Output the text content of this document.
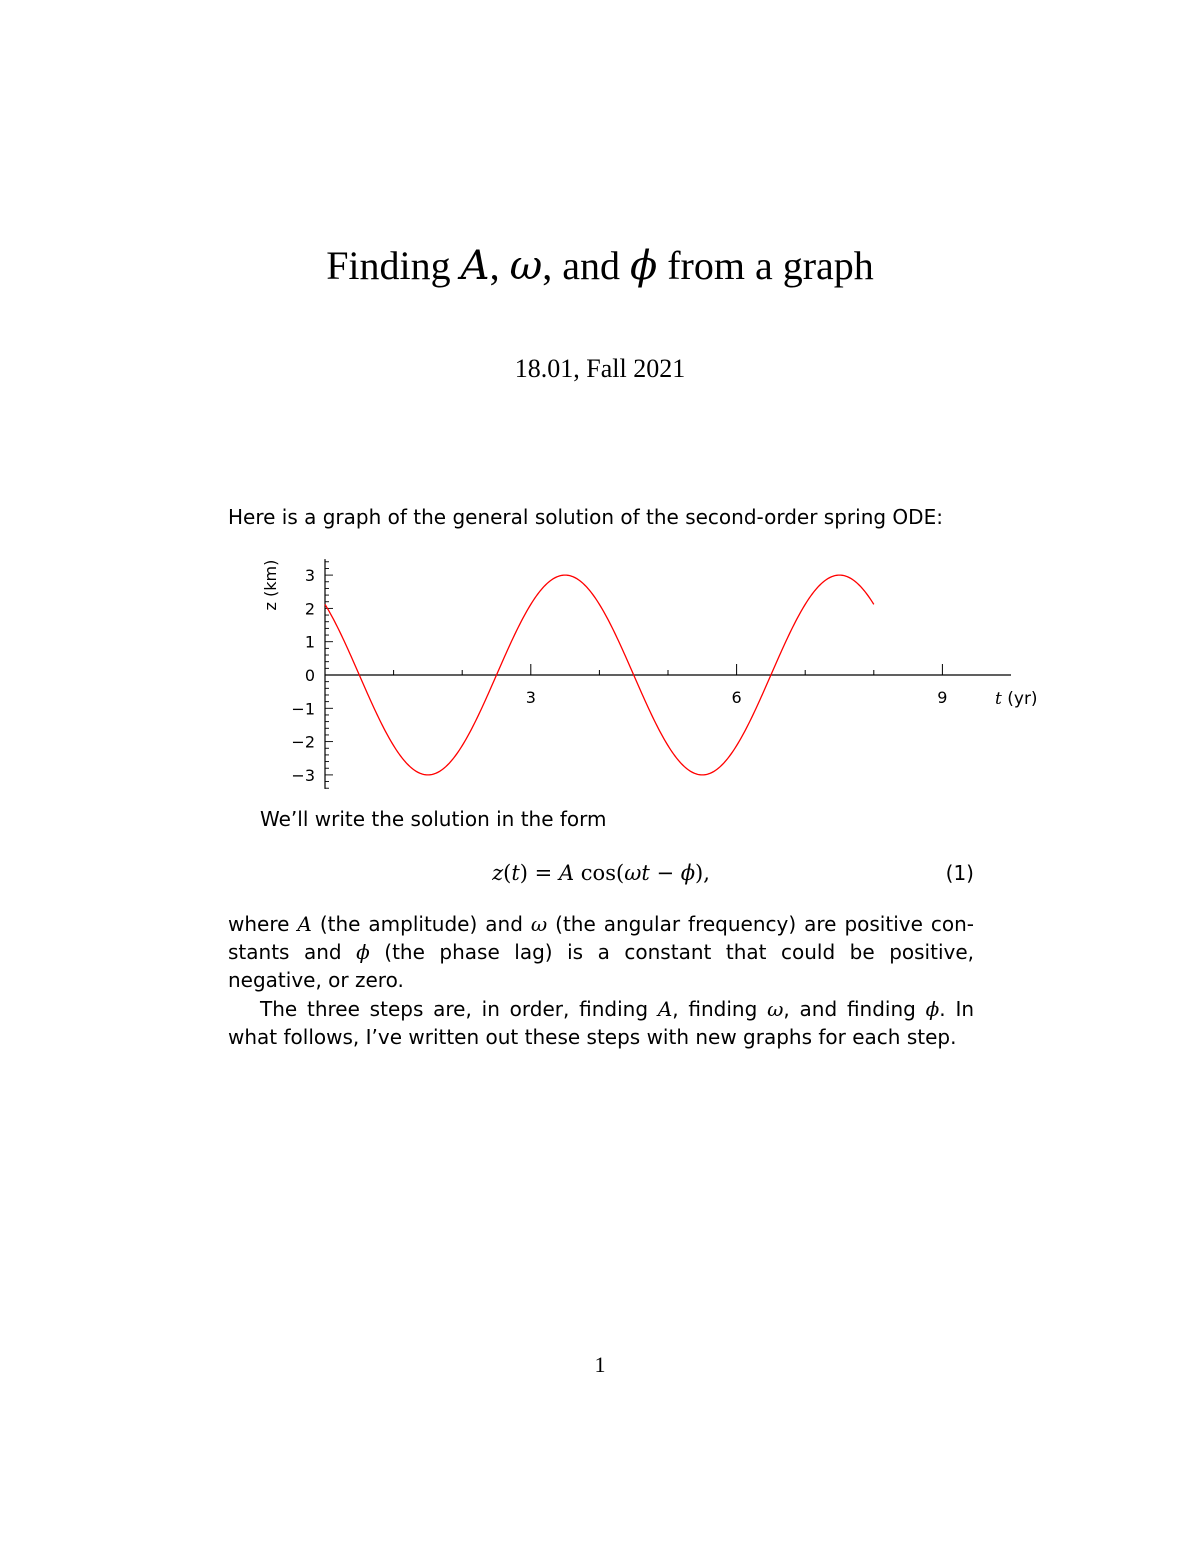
Finding A, ω, and ϕ from a graph
18.01, Fall 2021
Here is a graph of the general solution of the second-order spring ODE:
−3
−2
−1
0
1
2
3
3	6	9	t (yr)
z (km)
We’ll write the solution in the form
z(t) = A cos(ωt − ϕ),	(1)
where A (the amplitude) and ω (the angular frequency) are positive con-stants and ϕ (the phase lag) is a constant that could be positive, negative, or zero.
The three steps are, in order, finding A, finding ω, and finding ϕ. In what follows, I’ve written out these steps with new graphs for each step.
1
